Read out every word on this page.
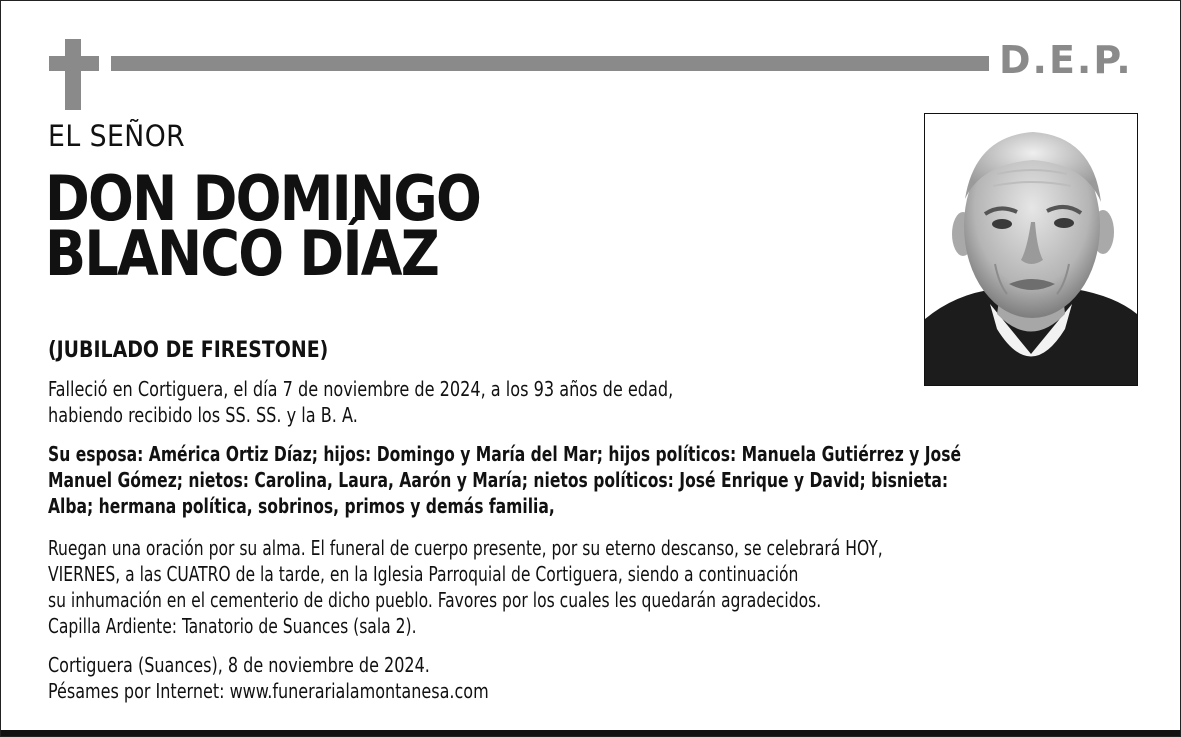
D.E.P.
EL SEÑOR
DON DOMINGO
BLANCO DÍAZ
(JUBILADO DE FIRESTONE)
Falleció en Cortiguera, el día 7 de noviembre de 2024, a los 93 años de edad,
habiendo recibido los SS. SS. y la B. A.
Su esposa: América Ortiz Díaz; hijos: Domingo y María del Mar; hijos políticos: Manuela Gutiérrez y José
Manuel Gómez; nietos: Carolina, Laura, Aarón y María; nietos políticos: José Enrique y David; bisnieta:
Alba; hermana política, sobrinos, primos y demás familia,
Ruegan una oración por su alma. El funeral de cuerpo presente, por su eterno descanso, se celebrará HOY,
VIERNES, a las CUATRO de la tarde, en la Iglesia Parroquial de Cortiguera, siendo a continuación
su inhumación en el cementerio de dicho pueblo. Favores por los cuales les quedarán agradecidos.
Capilla Ardiente: Tanatorio de Suances (sala 2).
Cortiguera (Suances), 8 de noviembre de 2024.
Pésames por Internet: www.funerarialamontanesa.com
